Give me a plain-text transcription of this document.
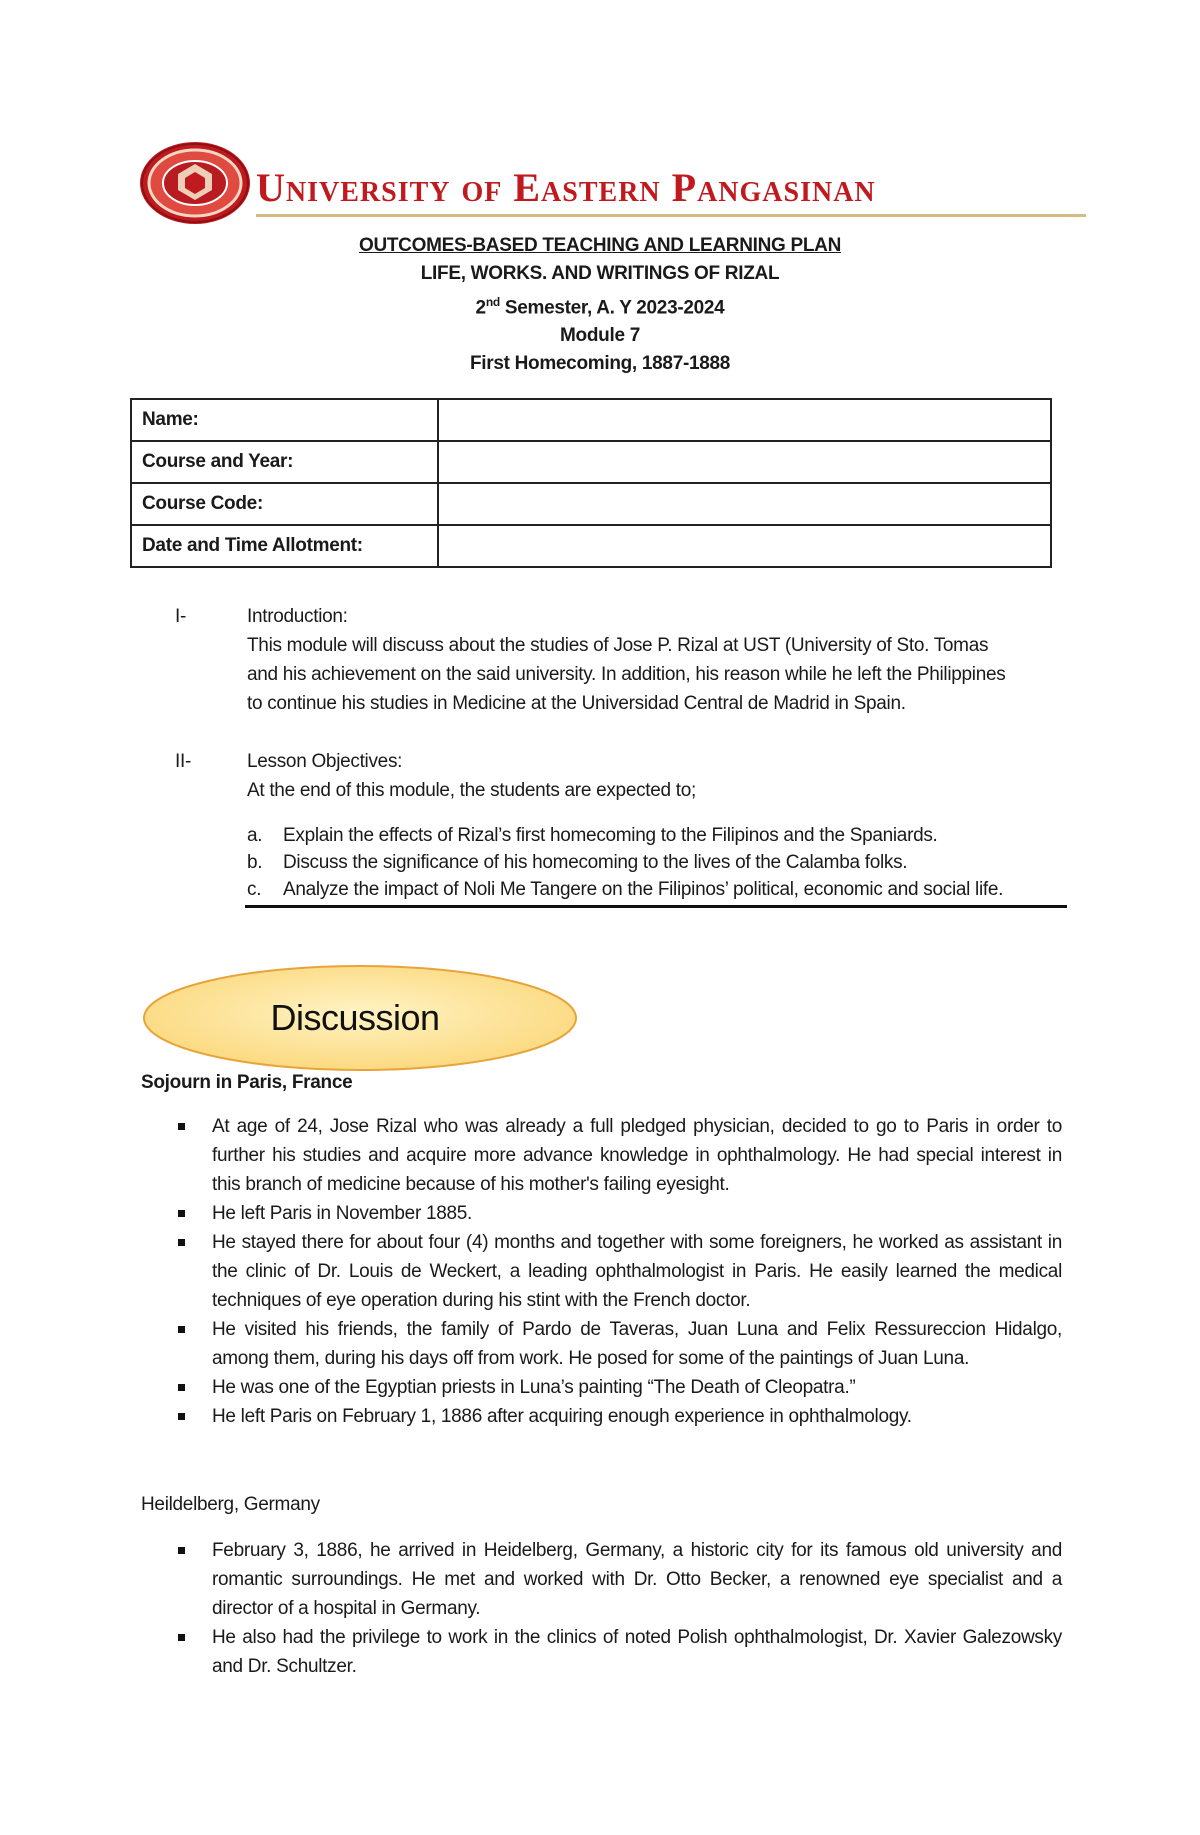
University of Eastern Pangasinan
OUTCOMES-BASED TEACHING AND LEARNING PLAN
LIFE, WORKS. AND WRITINGS OF RIZAL
2nd Semester, A. Y 2023-2024
Module 7
First Homecoming, 1887-1888
Name:	
Course and Year:	
Course Code:	
Date and Time Allotment:	
I-	Introduction:
This module will discuss about the studies of Jose P. Rizal at UST (University of Sto. Tomas
and his achievement on the said university. In addition, his reason while he left the Philippines
to continue his studies in Medicine at the Universidad Central de Madrid in Spain.
II-	Lesson Objectives:
At the end of this module, the students are expected to;
a. Explain the effects of Rizal’s first homecoming to the Filipinos and the Spaniards.
b. Discuss the significance of his homecoming to the lives of the Calamba folks.
c. Analyze the impact of Noli Me Tangere on the Filipinos’ political, economic and social life.
Discussion
Sojourn in Paris, France
At age of 24, Jose Rizal who was already a full pledged physician, decided to go to Paris in order to further his studies and acquire more advance knowledge in ophthalmology. He had special interest in this branch of medicine because of his mother's failing eyesight.
He left Paris in November 1885.
He stayed there for about four (4) months and together with some foreigners, he worked as assistant in the clinic of Dr. Louis de Weckert, a leading ophthalmologist in Paris. He easily learned the medical techniques of eye operation during his stint with the French doctor.
He visited his friends, the family of Pardo de Taveras, Juan Luna and Felix Ressureccion Hidalgo, among them, during his days off from work. He posed for some of the paintings of Juan Luna.
He was one of the Egyptian priests in Luna’s painting “The Death of Cleopatra.”
He left Paris on February 1, 1886 after acquiring enough experience in ophthalmology.
Heildelberg, Germany
February 3, 1886, he arrived in Heidelberg, Germany, a historic city for its famous old university and romantic surroundings. He met and worked with Dr. Otto Becker, a renowned eye specialist and a director of a hospital in Germany.
He also had the privilege to work in the clinics of noted Polish ophthalmologist, Dr. Xavier Galezowsky and Dr. Schultzer.
